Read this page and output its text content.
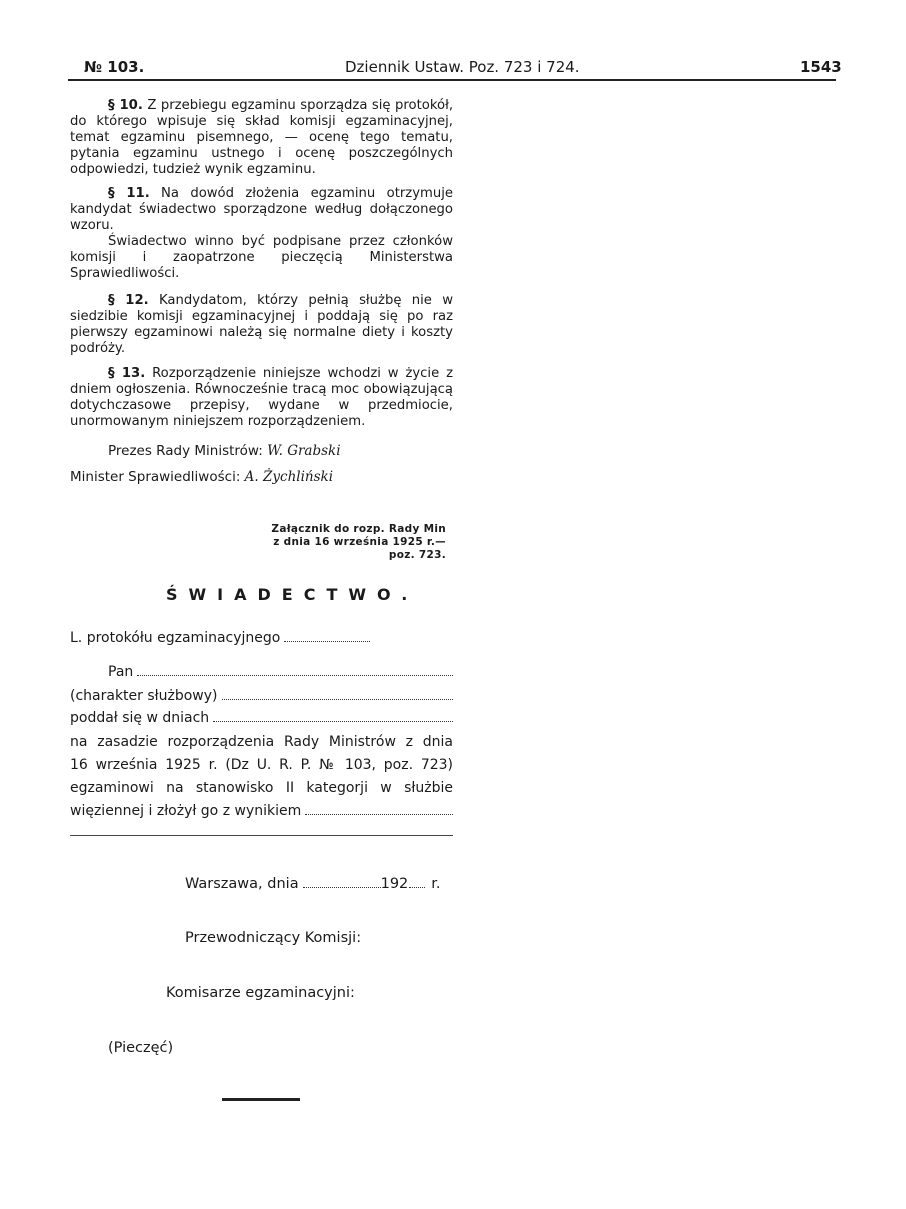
№ 103.	Dziennik Ustaw. Poz. 723 i 724.	1543

§ 10. Z przebiegu egzaminu sporządza się protokół, do którego wpisuje się skład komisji egzaminacyjnej, temat egzaminu pisemnego, — ocenę tego tematu, pytania egzaminu ustnego i ocenę poszczególnych odpowiedzi, tudzież wynik egzaminu.

§ 11. Na dowód złożenia egzaminu otrzymuje kandydat świadectwo sporządzone według dołączonego wzoru.

Świadectwo winno być podpisane przez członków komisji i zaopatrzone pieczęcią Ministerstwa Sprawiedliwości.

§ 12. Kandydatom, którzy pełnią służbę nie w siedzibie komisji egzaminacyjnej i poddają się po raz pierwszy egzaminowi należą się normalne diety i koszty podróży.

§ 13. Rozporządzenie niniejsze wchodzi w życie z dniem ogłoszenia. Równocześnie tracą moc obowiązującą dotychczasowe przepisy, wydane w przedmiocie, unormowanym niniejszem rozporządzeniem.

Prezes Rady Ministrów: W. Grabski
Minister Sprawiedliwości: A. Żychliński
Załącznik do rozp. Rady Min
z dnia 16 września 1925 r.—poz. 723.
ŚWIADECTWO.
L. protokółu egzaminacyjnego
Pan
(charakter służbowy)
poddał się w dniach
na zasadzie rozporządzenia Rady Ministrów z dnia
16 września 1925 r. (Dz U. R. P. № 103, poz. 723)
egzaminowi na stanowisko II kategorji w służbie
więziennej i złożył go z wynikiem
Warszawa, dnia	192 r.
Przewodniczący Komisji:
Komisarze egzaminacyjni:
(Pieczęć)
